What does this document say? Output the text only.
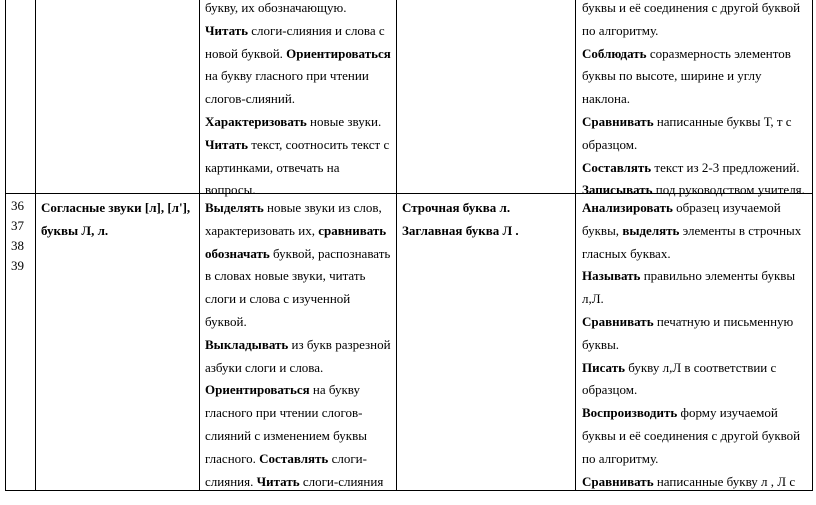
букву, их обозначающую.
Читать слоги-слияния и слова с
новой буквой. Ориентироваться
на букву гласного при чтении
слогов-слияний.
Характеризовать новые звуки.
Читать текст, соотносить текст с
картинками, отвечать на
вопросы.
буквы и её соединения с другой буквой
по алгоритму.
Соблюдать соразмерность элементов
буквы по высоте, ширине и углу
наклона.
Сравнивать написанные буквы Т, т с
образцом.
Составлять текст из 2-3 предложений.
Записывать под руководством учителя.
36
37
38
39
Согласные звуки [л], [л'],
буквы Л, л.
Выделять новые звуки из слов,
характеризовать их, сравнивать
обозначать буквой, распознавать
в словах новые звуки, читать
слоги и слова с изученной
буквой.
Выкладывать из букв разрезной
азбуки слоги и слова.
Ориентироваться на букву
гласного при чтении слогов-
слияний с изменением буквы
гласного. Составлять слоги-
слияния. Читать слоги-слияния
Строчная буква л.
Заглавная буква Л .
Анализировать образец изучаемой
буквы, выделять элементы в строчных
гласных буквах.
Называть правильно элементы буквы
л,Л.
Сравнивать печатную и письменную
буквы.
Писать букву л,Л в соответствии с
образцом.
Воспроизводить форму изучаемой
буквы и её соединения с другой буквой
по алгоритму.
Сравнивать написанные букву л , Л с
